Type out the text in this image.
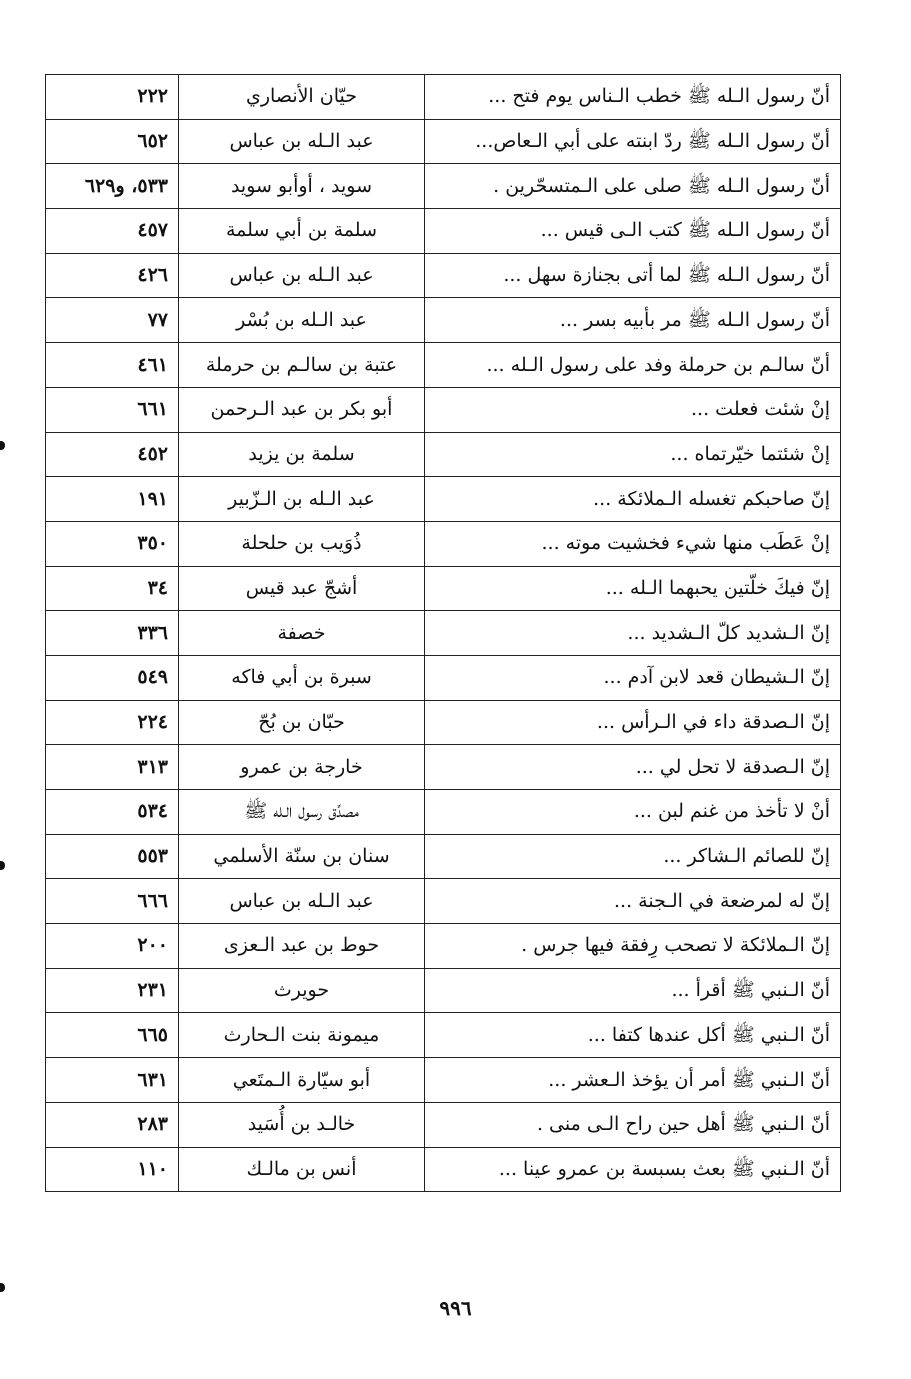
أنّ رسول الـله ﷺ خطب الـناس يوم فتح ...	حيّان الأنصاري	٢٢٢
أنّ رسول الـله ﷺ ردّ ابنته على أبي الـعاص...	عبد الـله بن عباس	٦٥٢
أنّ رسول الـله ﷺ صلى على الـمتسحّرين .	سويد ، أوأبو سويد	٥٣٣، و٦٢٩
أنّ رسول الـله ﷺ كتب الـى قيس ...	سلمة بن أبي سلمة	٤٥٧
أنّ رسول الـله ﷺ لما أتى بجنازة سهل ...	عبد الـله بن عباس	٤٢٦
أنّ رسول الـله ﷺ مر بأبيه بسر ...	عبد الـله بن بُسْر	٧٧
أنّ سالـم بن حرملة وفد على رسول الـله ...	عتبة بن سالـم بن حرملة	٤٦١
إنْ شئت فعلت ...	أبو بكر بن عبد الـرحمن	٦٦١
إنْ شئتما خيّرتماه ...	سلمة بن يزيد	٤٥٢
إنّ صاحبكم تغسله الـملائكة ...	عبد الـله بن الـزّبير	١٩١
إنْ عَطَب منها شيء فخشيت موته ...	ذُوَيب بن حلحلة	٣٥٠
إنّ فيكَ خلّتين يحبهما الـله ...	أشجّ عبد قيس	٣٤
إنّ الـشديد كلّ الـشديد ...	خصفة	٣٣٦
إنّ الـشيطان قعد لابن آدم ...	سبرة بن أبي فاكه	٥٤٩
إنّ الـصدقة داء في الـرأس ...	حبّان بن بُحّ	٢٢٤
إنّ الـصدقة لا تحل لي ...	خارجة بن عمرو	٣١٣
أنْ لا تأخذ من غنم لبن ...	مصدِّق رسول الـله ﷺ	٥٣٤
إنّ للصائم الـشاكر ...	سنان بن سنّة الأسلمي	٥٥٣
إنّ له لمرضعة في الـجنة ...	عبد الـله بن عباس	٦٦٦
إنّ الـملائكة لا تصحب رِفقة فيها جرس .	حوط بن عبد الـعزى	٢٠٠
أنّ الـنبي ﷺ أقرأ ...	حويرث	٢٣١
أنّ الـنبي ﷺ أكل عندها كتفا ...	ميمونة بنت الـحارث	٦٦٥
أنّ الـنبي ﷺ أمر أن يؤخذ الـعشر ...	أبو سيّارة الـمتَعي	٦٣١
أنّ الـنبي ﷺ أهل حين راح الـى منى .	خالـد بن أُسَيد	٢٨٣
أنّ الـنبي ﷺ بعث بسبسة بن عمرو عينا ...	أنس بن مالـك	١١٠
٩٩٦
